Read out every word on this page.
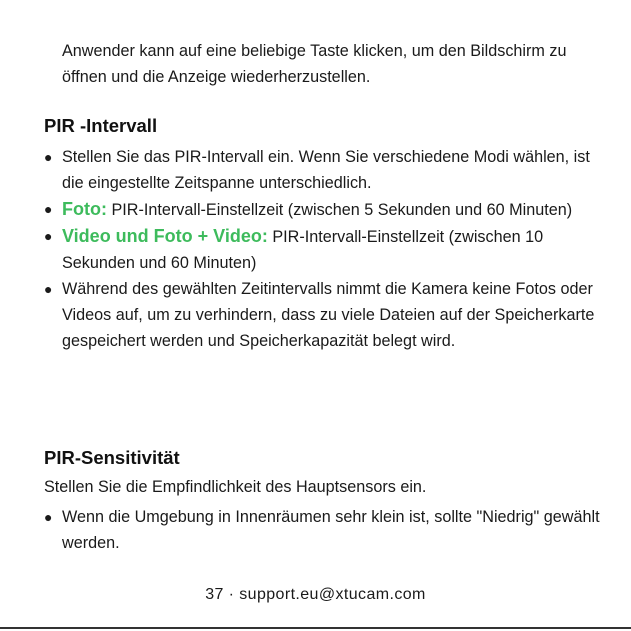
Anwender kann auf eine beliebige Taste klicken, um den Bildschirm zu öffnen und die Anzeige wiederherzustellen.

PIR -Intervall
● Stellen Sie das PIR-Intervall ein. Wenn Sie verschiedene Modi wählen, ist die eingestellte Zeitspanne unterschiedlich.
● Foto: PIR-Intervall-Einstellzeit (zwischen 5 Sekunden und 60 Minuten)
● Video und Foto + Video: PIR-Intervall-Einstellzeit (zwischen 10 Sekunden und 60 Minuten)
● Während des gewählten Zeitintervalls nimmt die Kamera keine Fotos oder Videos auf, um zu verhindern, dass zu viele Dateien auf der Speicherkarte gespeichert werden und Speicherkapazität belegt wird.
PIR-Sensitivität

Stellen Sie die Empfindlichkeit des Hauptsensors ein.

● Wenn die Umgebung in Innenräumen sehr klein ist, sollte "Niedrig" gewählt werden.
37 · support.eu@xtucam.com
